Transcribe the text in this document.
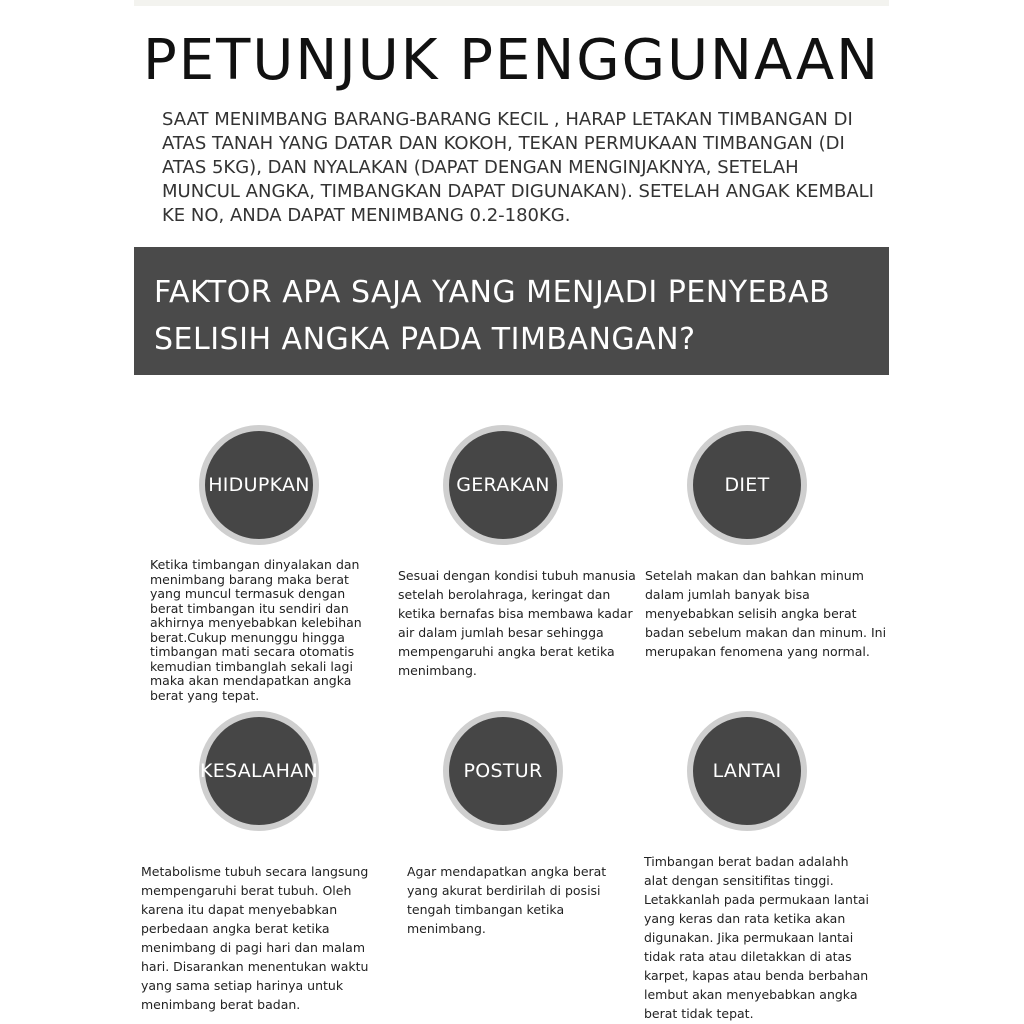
PETUNJUK PENGGUNAAN
SAAT MENIMBANG BARANG-BARANG KECIL , HARAP LETAKAN TIMBANGAN DI ATAS TANAH YANG DATAR DAN KOKOH, TEKAN PERMUKAAN TIMBANGAN (DI ATAS 5KG), DAN NYALAKAN (DAPAT DENGAN MENGINJAKNYA, SETELAH MUNCUL ANGKA, TIMBANGKAN DAPAT DIGUNAKAN). SETELAH ANGAK KEMBALI KE NO, ANDA DAPAT MENIMBANG 0.2-180KG.
FAKTOR APA SAJA YANG MENJADI PENYEBAB
SELISIH ANGKA PADA TIMBANGAN?
HIDUPKAN	GERAKAN	DIET
Ketika timbangan dinyalakan dan menimbang barang maka berat yang muncul termasuk dengan berat timbangan itu sendiri dan akhirnya menyebabkan kelebihan berat.Cukup menunggu hingga timbangan mati secara otomatis kemudian timbanglah sekali lagi maka akan mendapatkan angka berat yang tepat.
Sesuai dengan kondisi tubuh manusia setelah berolahraga, keringat dan ketika bernafas bisa membawa kadar air dalam jumlah besar sehingga mempengaruhi angka berat ketika menimbang.
Setelah makan dan bahkan minum dalam jumlah banyak bisa menyebabkan selisih angka berat badan sebelum makan dan minum. Ini merupakan fenomena yang normal.
KESALAHAN	POSTUR	LANTAI
Metabolisme tubuh secara langsung mempengaruhi berat tubuh. Oleh karena itu dapat menyebabkan perbedaan angka berat ketika menimbang di pagi hari dan malam hari. Disarankan menentukan waktu yang sama setiap harinya untuk menimbang berat badan.
Agar mendapatkan angka berat yang akurat berdirilah di posisi tengah timbangan ketika menimbang.
Timbangan berat badan adalahh alat dengan sensitifitas tinggi. Letakkanlah pada permukaan lantai yang keras dan rata ketika akan digunakan. Jika permukaan lantai tidak rata atau diletakkan di atas karpet, kapas atau benda berbahan lembut akan menyebabkan angka berat tidak tepat.
